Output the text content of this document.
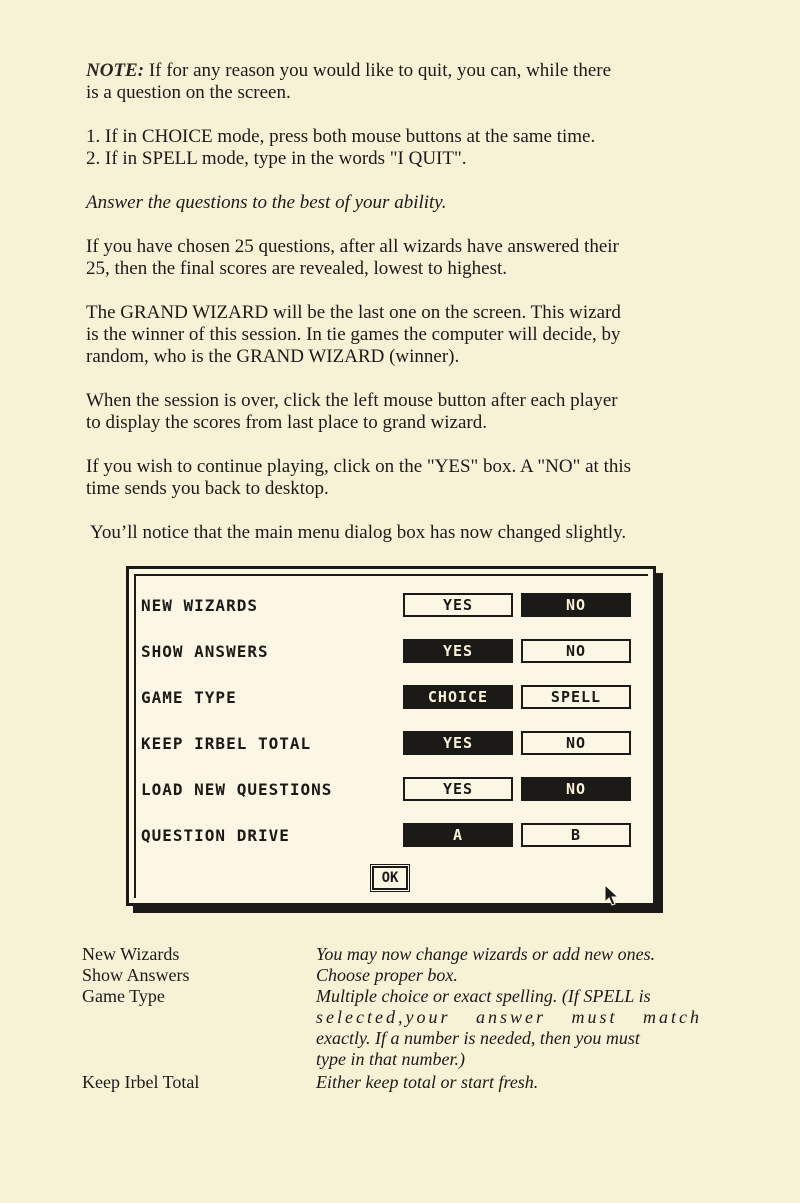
NOTE: If for any reason you would like to quit, you can, while there

is a question on the screen.

1. If in CHOICE mode, press both mouse buttons at the same time.

2. If in SPELL mode, type in the words "I QUIT".

Answer the questions to the best of your ability.

If you have chosen 25 questions, after all wizards have answered their

25, then the final scores are revealed, lowest to highest.

The GRAND WIZARD will be the last one on the screen. This wizard

is the winner of this session. In tie games the computer will decide, by

random, who is the GRAND WIZARD (winner).

When the session is over, click the left mouse button after each player

to display the scores from last place to grand wizard.

If you wish to continue playing, click on the "YES" box. A "NO" at this

time sends you back to desktop.

You’ll notice that the main menu dialog box has now changed slightly.

NEW WIZARDS	YES	NO
SHOW ANSWERS	YES	NO
GAME TYPE	CHOICE	SPELL
KEEP IRBEL TOTAL	YES	NO
LOAD NEW QUESTIONS	YES	NO
QUESTION DRIVE	A	B
OK
New Wizards	You may now change wizards or add new ones.
Show Answers	Choose proper box.
Game Type	Multiple choice or exact spelling. (If SPELL is
selected,your answer must match
exactly. If a number is needed, then you must
type in that number.)
Keep Irbel Total	Either keep total or start fresh.
